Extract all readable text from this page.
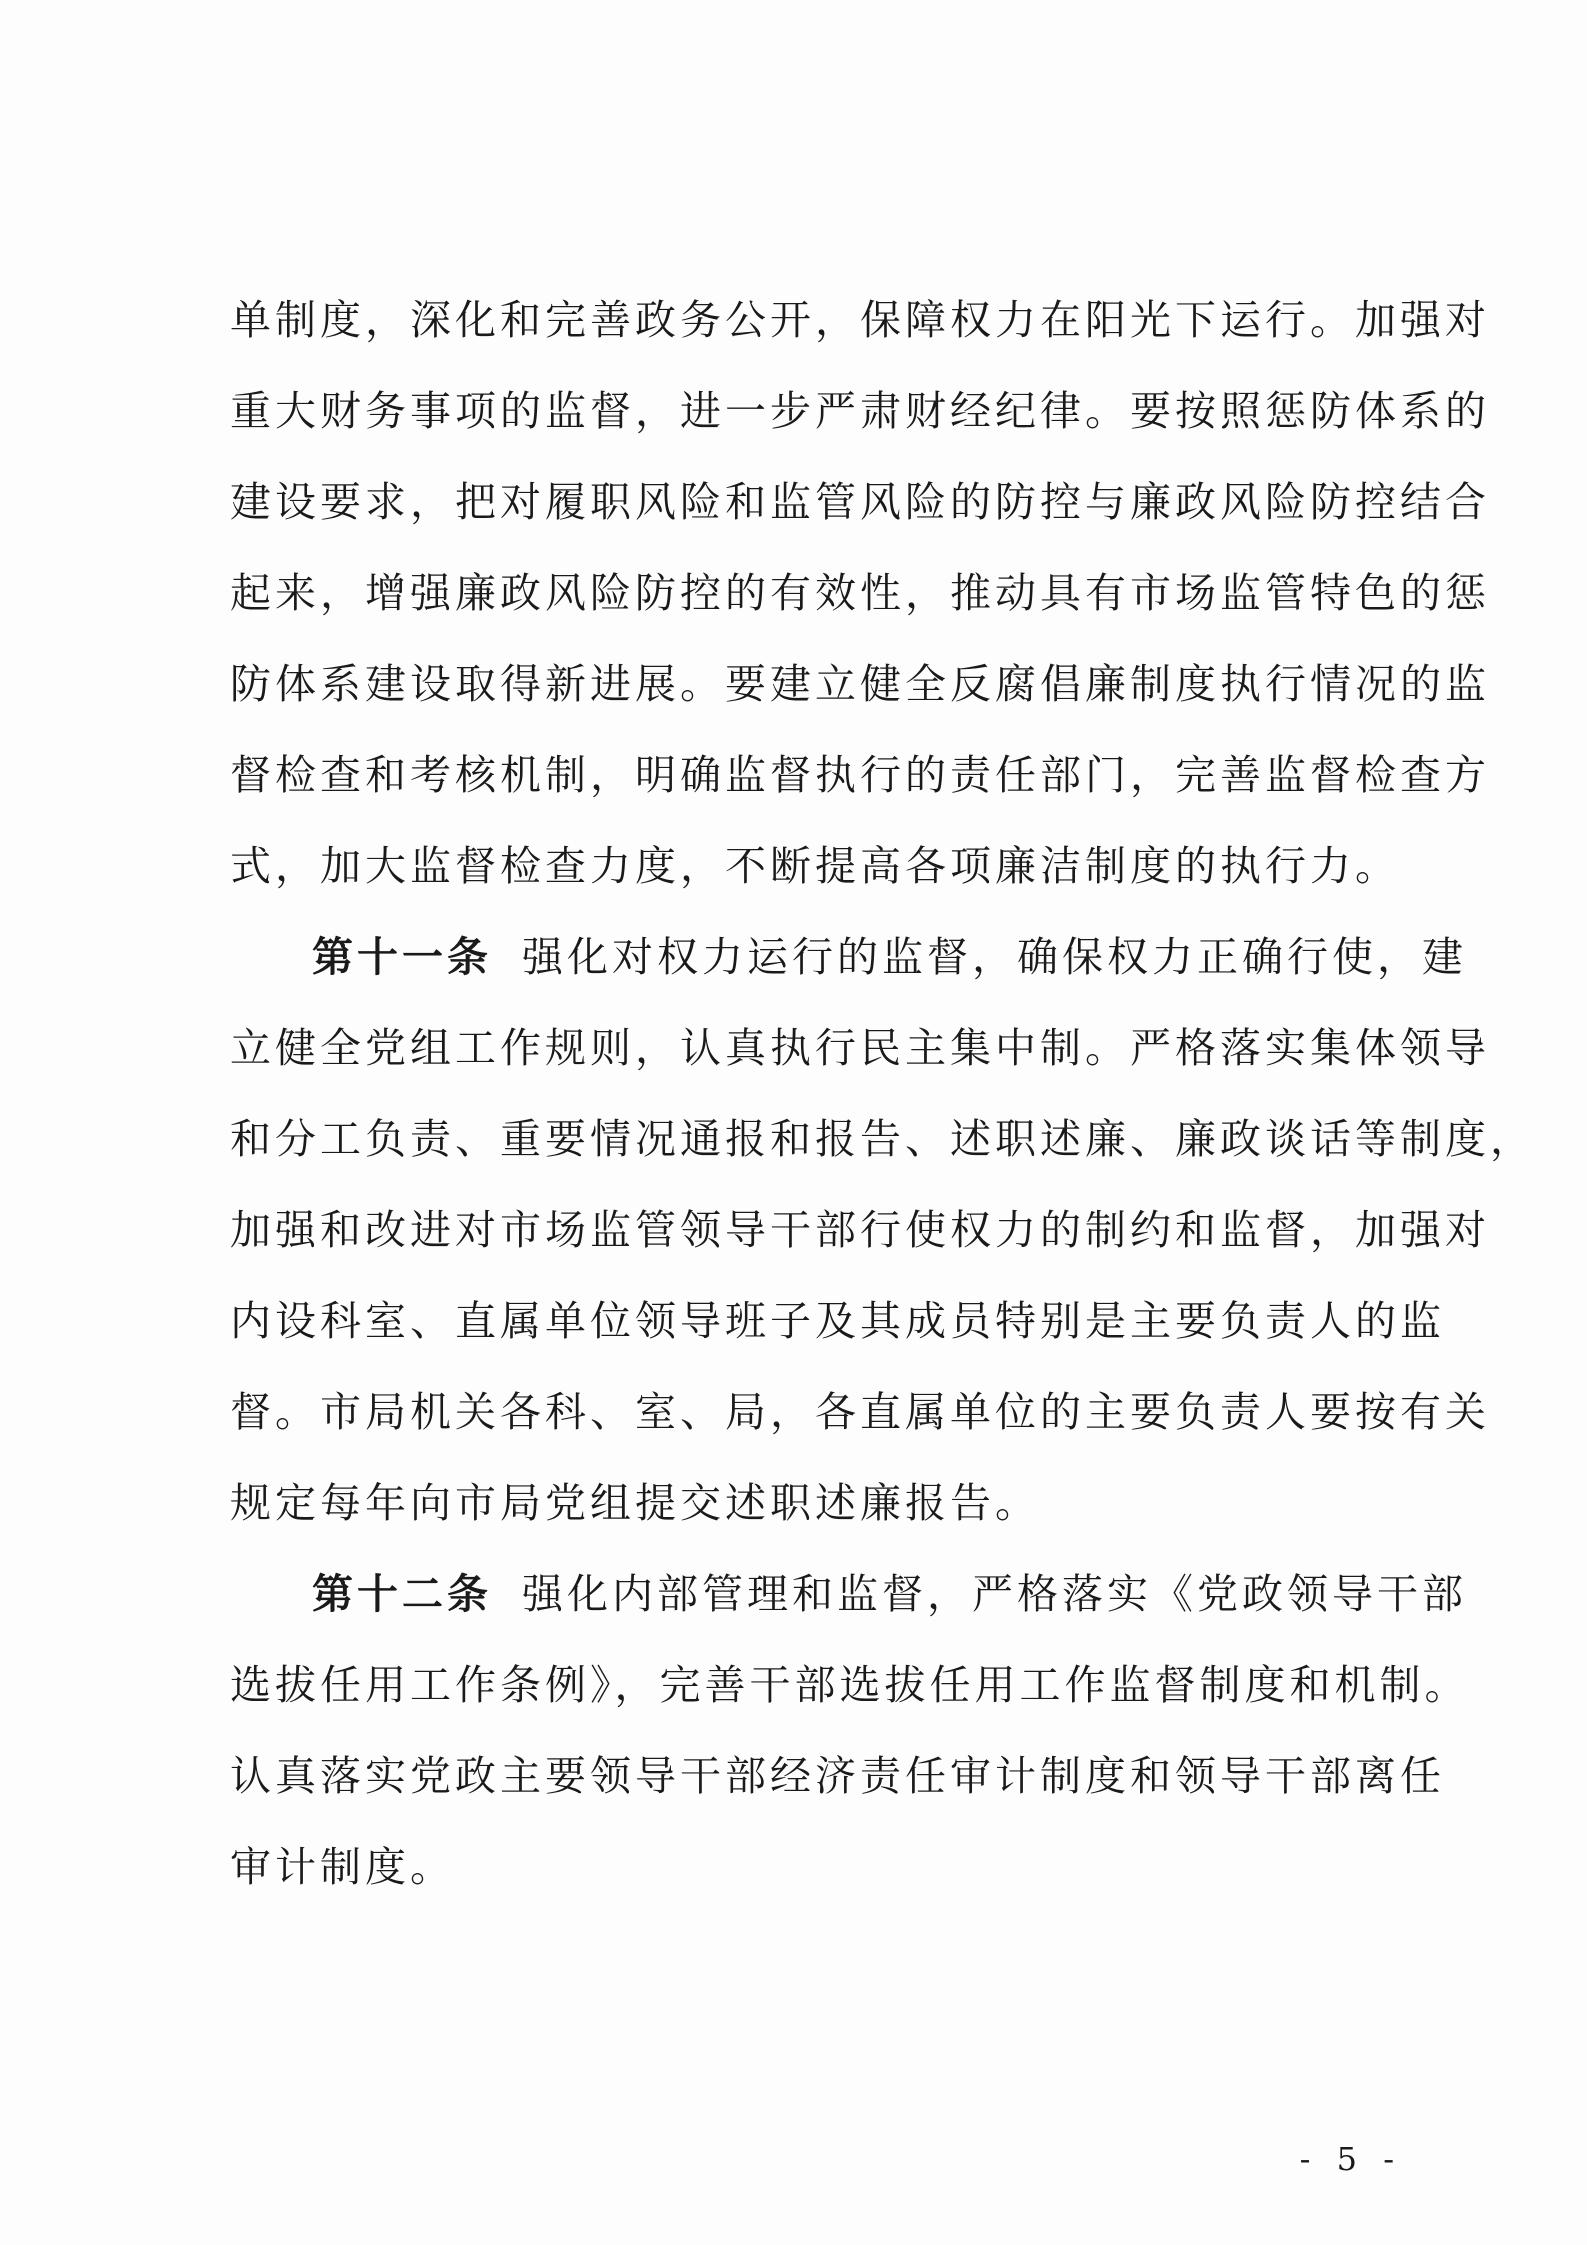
单制度，深化和完善政务公开，保障权力在阳光下运行。加强对
重大财务事项的监督，进一步严肃财经纪律。要按照惩防体系的
建设要求，把对履职风险和监管风险的防控与廉政风险防控结合
起来，增强廉政风险防控的有效性，推动具有市场监管特色的惩
防体系建设取得新进展。要建立健全反腐倡廉制度执行情况的监
督检查和考核机制，明确监督执行的责任部门，完善监督检查方
式，加大监督检查力度，不断提高各项廉洁制度的执行力。
第十一条 强化对权力运行的监督，确保权力正确行使，建
立健全党组工作规则，认真执行民主集中制。严格落实集体领导
和分工负责、重要情况通报和报告、述职述廉、廉政谈话等制度，
加强和改进对市场监管领导干部行使权力的制约和监督，加强对
内设科室、直属单位领导班子及其成员特别是主要负责人的监
督。市局机关各科、室、局，各直属单位的主要负责人要按有关
规定每年向市局党组提交述职述廉报告。
第十二条 强化内部管理和监督，严格落实《党政领导干部
选拔任用工作条例》，完善干部选拔任用工作监督制度和机制。
认真落实党政主要领导干部经济责任审计制度和领导干部离任
审计制度。
- 5 -
